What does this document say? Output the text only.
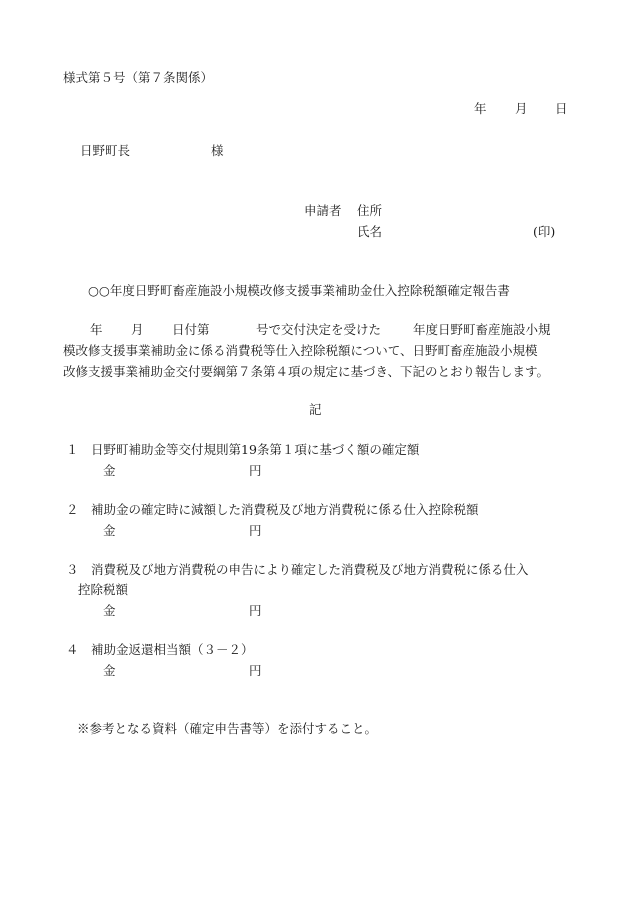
様式第５号（第７条関係）
年 月 日
日野町長	様
申請者 住所
氏名	(印)
○○年度日野町畜産施設小規模改修支援事業補助金仕入控除税額確定報告書
年 月 日付第	号で交付決定を受けた	年度日野町畜産施設小規
模改修支援事業補助金に係る消費税等仕入控除税額について、日野町畜産施設小規模
改修支援事業補助金交付要綱第７条第４項の規定に基づき、下記のとおり報告します。
記
１ 日野町補助金等交付規則第19条第１項に基づく額の確定額
金	円
２ 補助金の確定時に減額した消費税及び地方消費税に係る仕入控除税額
金	円
３ 消費税及び地方消費税の申告により確定した消費税及び地方消費税に係る仕入
控除税額
金	円
４ 補助金返還相当額（３－２）
金	円
※参考となる資料（確定申告書等）を添付すること。
